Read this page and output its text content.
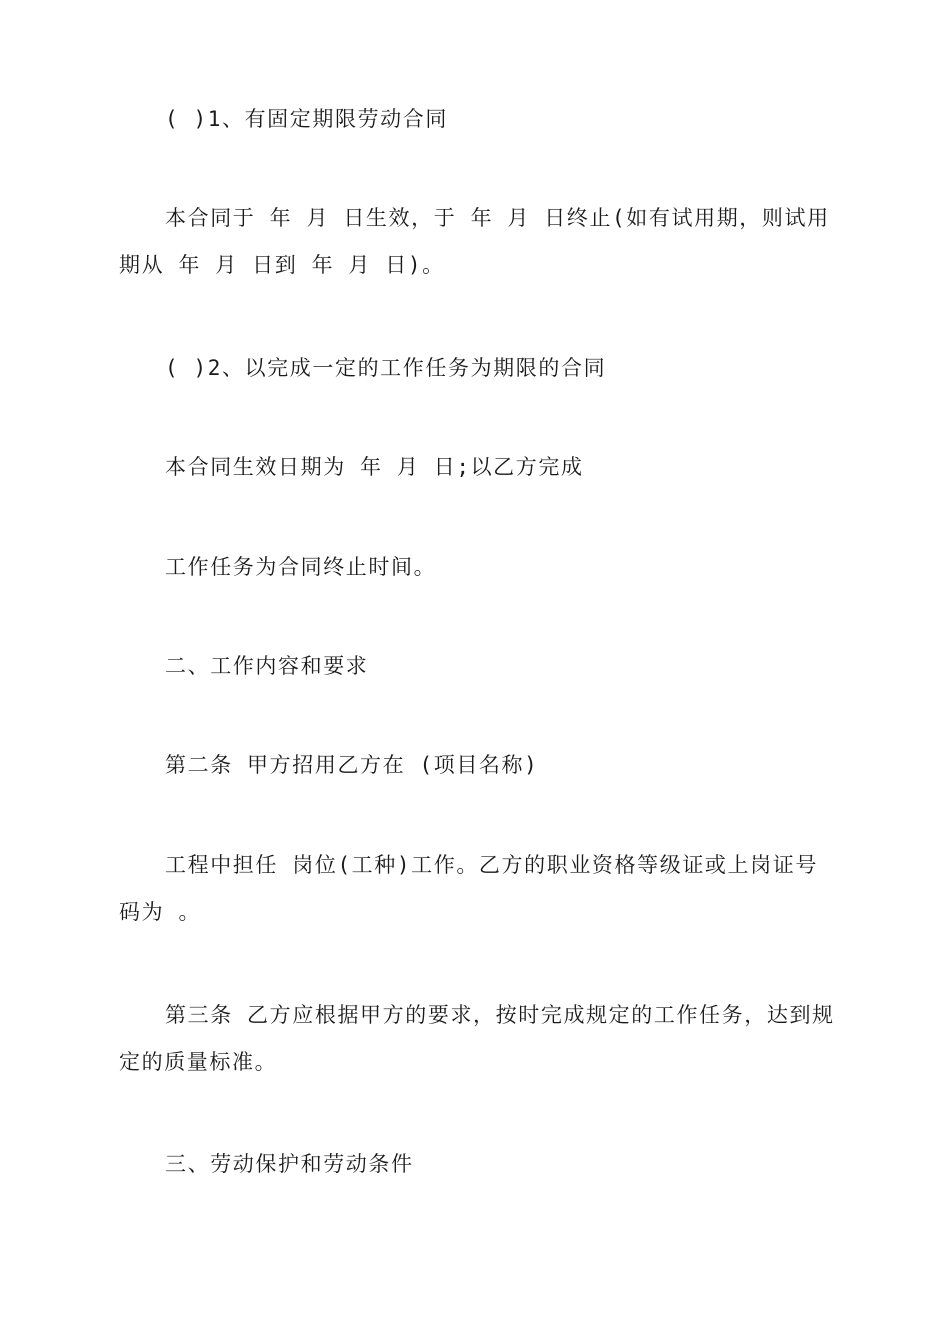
( )1、有固定期限劳动合同

本合同于 年 月 日生效，于 年 月 日终止(如有试用期，则试用期从 年 月 日到 年 月 日)。

( )2、以完成一定的工作任务为期限的合同

本合同生效日期为 年 月 日;以乙方完成

工作任务为合同终止时间。

二、工作内容和要求

第二条 甲方招用乙方在 (项目名称)

工程中担任 岗位(工种)工作。乙方的职业资格等级证或上岗证号码为 。

第三条 乙方应根据甲方的要求，按时完成规定的工作任务，达到规定的质量标准。

三、劳动保护和劳动条件
